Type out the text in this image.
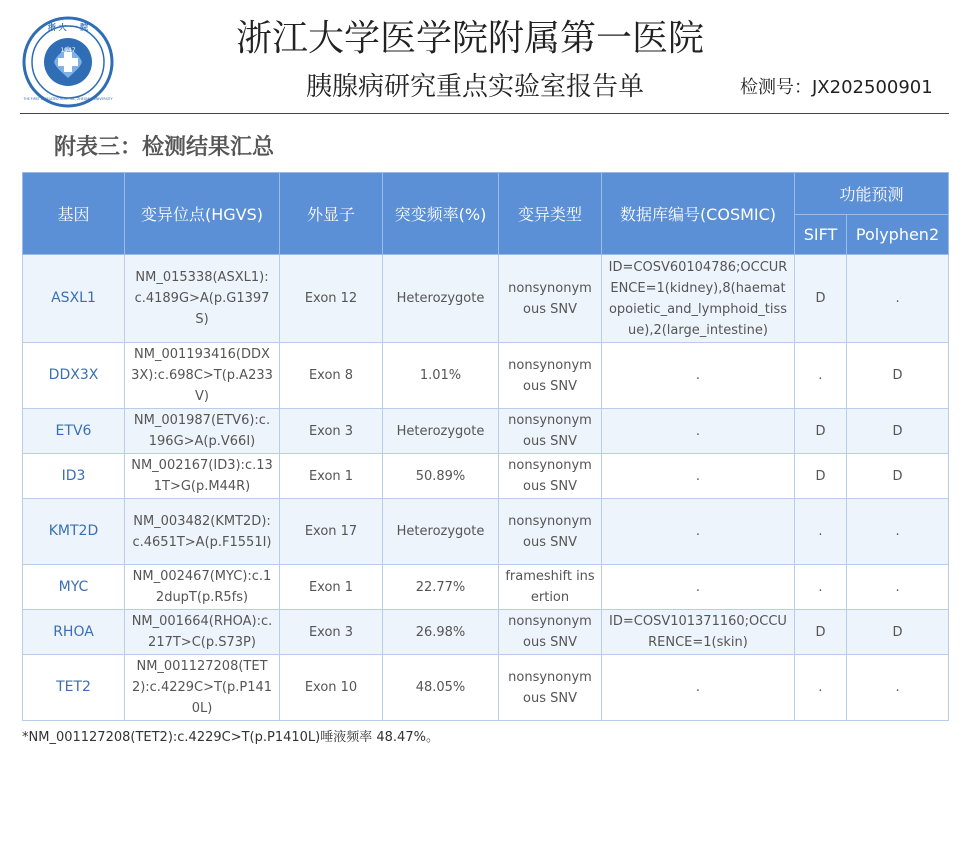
1947
浙 大 一 院
THE FIRST AFFILIATED HOSPITAL, ZHEJIANG UNIVERSITY
浙江大学医学院附属第一医院
胰腺病研究重点实验室报告单	检测号：JX202500901
附表三：检测结果汇总
基因	变异位点(HGVS)	外显子	突变频率(%)	变异类型	数据库编号(COSMIC)	功能预测	
						SIFT	Polyphen2
ASXL1	NM_015338(ASXL1):c.4189G>A(p.G1397S)	Exon 12	Heterozygote	nonsynonymous SNV	ID=COSV60104786;OCCURENCE=1(kidney),8(haematopoietic_and_lymphoid_tissue),2(large_intestine)	D	.
DDX3X	NM_001193416(DDX3X):c.698C>T(p.A233V)	Exon 8	1.01%	nonsynonymous SNV	.	.	D
ETV6	NM_001987(ETV6):c.196G>A(p.V66I)	Exon 3	Heterozygote	nonsynonymous SNV	.	D	D
ID3	NM_002167(ID3):c.131T>G(p.M44R)	Exon 1	50.89%	nonsynonymous SNV	.	D	D
KMT2D	NM_003482(KMT2D):c.4651T>A(p.F1551I)	Exon 17	Heterozygote	nonsynonymous SNV	.	.	.
MYC	NM_002467(MYC):c.12dupT(p.R5fs)	Exon 1	22.77%	frameshift insertion	.	.	.
RHOA	NM_001664(RHOA):c.217T>C(p.S73P)	Exon 3	26.98%	nonsynonymous SNV	ID=COSV101371160;OCCURENCE=1(skin)	D	D
TET2	NM_001127208(TET2):c.4229C>T(p.P1410L)	Exon 10	48.05%	nonsynonymous SNV	.	.	.
*NM_001127208(TET2):c.4229C>T(p.P1410L)唾液频率 48.47%。
